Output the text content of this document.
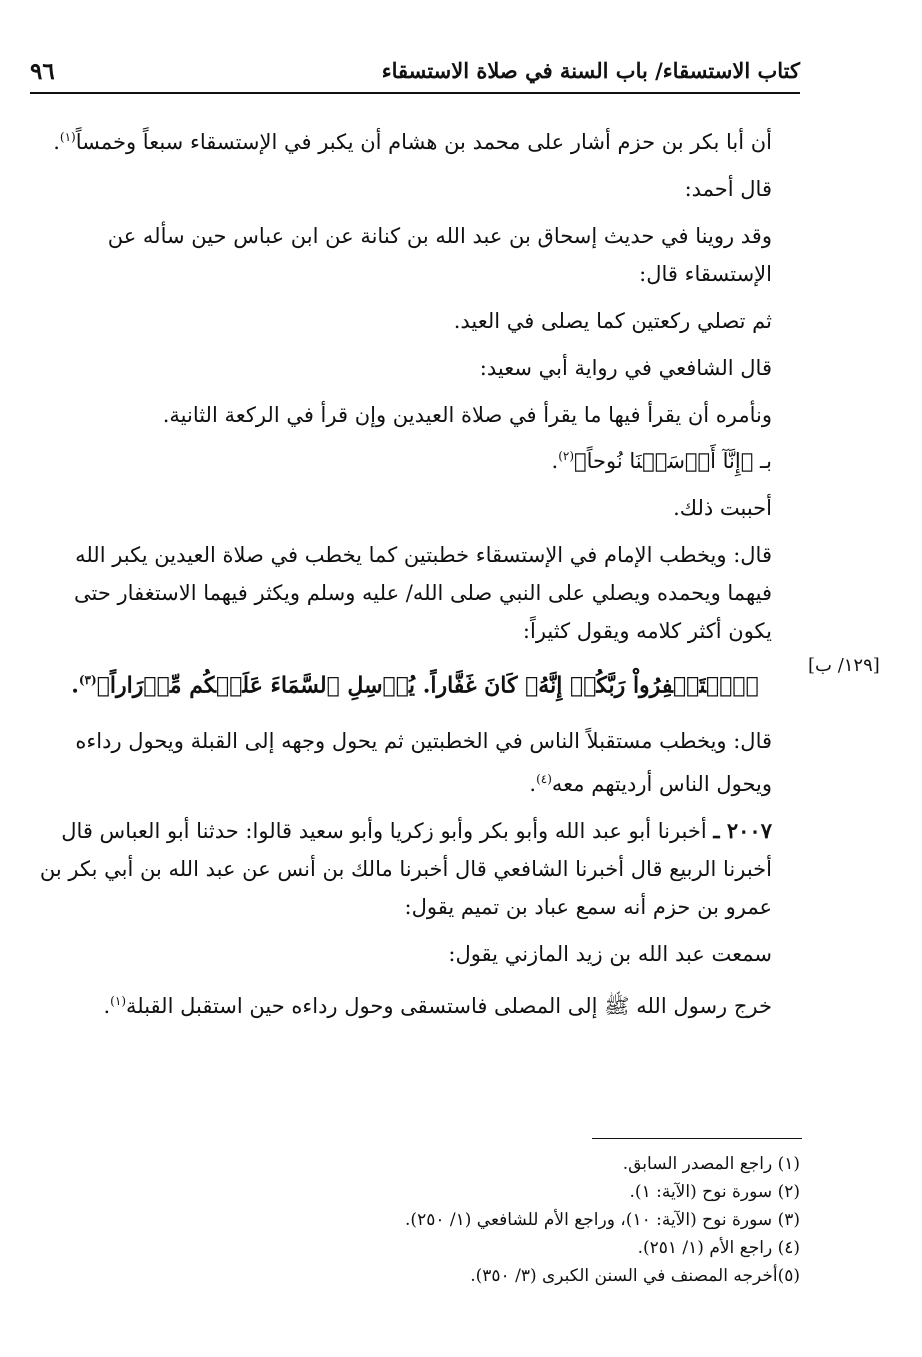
كتاب الاستسقاء/ باب السنة في صلاة الاستسقاء
٩٦
[١٢٩/ ب]

أن أبا بكر بن حزم أشار على محمد بن هشام أن يكبر في الإستسقاء سبعاً وخمساً$^{(١)}$.

قال أحمد:

وقد روينا في حديث إسحاق بن عبد الله بن كنانة عن ابن عباس حين سأله عن الإستسقاء قال:

ثم تصلي ركعتين كما يصلى في العيد.

قال الشافعي في رواية أبي سعيد:

ونأمره أن يقرأ فيها ما يقرأ في صلاة العيدين وإن قرأ في الركعة الثانية.

بـ ﴿إِنَّآ أَرۡسَلۡنَا نُوحاً﴾$^{(٢)}$.

أحببت ذلك.

قال: ويخطب الإمام في الإستسقاء خطبتين كما يخطب في صلاة العيدين يكبر الله فيهما ويحمده ويصلي على النبي صلى الله/ عليه وسلم ويكثر فيهما الاستغفار حتى يكون أكثر كلامه ويقول كثيراً:

﴿ٱسۡتَغۡفِرُواْ رَبَّكُمۡ إِنَّهُۥ كَانَ غَفَّاراً. يُرۡسِلِ ٱلسَّمَاءَ عَلَيۡكُم مِّدۡرَاراً﴾$^{(٣)}$.

قال: ويخطب مستقبلاً الناس في الخطبتين ثم يحول وجهه إلى القبلة ويحول رداءه ويحول الناس أرديتهم معه$^{(٤)}$.

٢٠٠٧ ـ أخبرنا أبو عبد الله وأبو بكر وأبو زكريا وأبو سعيد قالوا: حدثنا أبو العباس قال أخبرنا الربيع قال أخبرنا الشافعي قال أخبرنا مالك بن أنس عن عبد الله بن أبي بكر بن عمرو بن حزم أنه سمع عباد بن تميم يقول:

سمعت عبد الله بن زيد المازني يقول:

خرج رسول الله ﷺ إلى المصلى فاستسقى وحول رداءه حين استقبل القبلة$^{(١)}$.

(١) راجع المصدر السابق.

(٢) سورة نوح (الآية: ١).

(٣) سورة نوح (الآية: ١٠)، وراجع الأم للشافعي (١/ ٢٥٠).

(٤) راجع الأم (١/ ٢٥١).

(٥)أخرجه المصنف في السنن الكبرى (٣/ ٣٥٠).
